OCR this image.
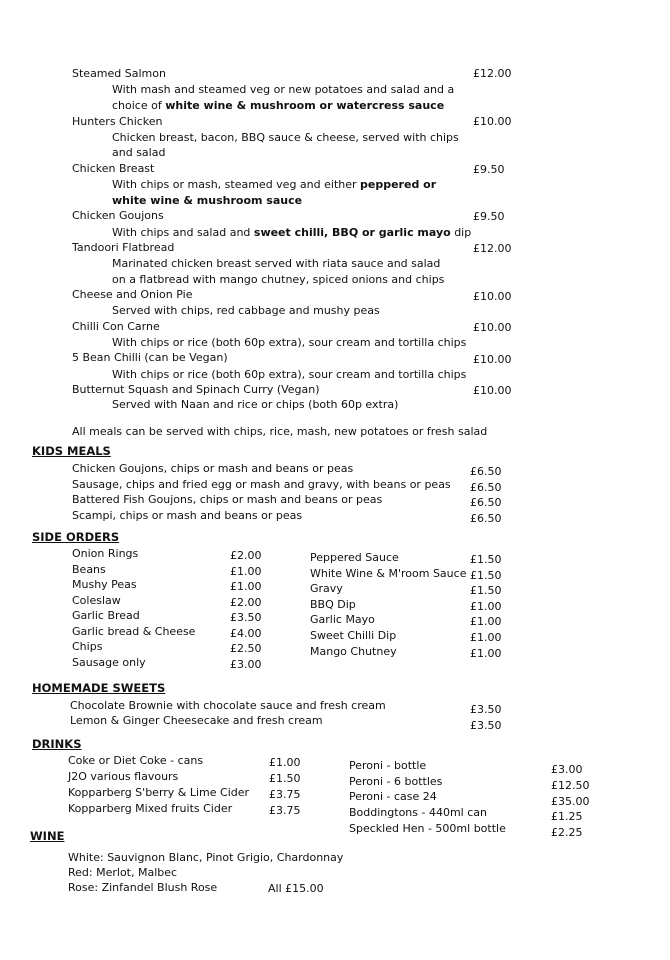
Steamed Salmon	£12.00
With mash and steamed veg or new potatoes and salad and a
choice of white wine & mushroom or watercress sauce
Hunters Chicken	£10.00
Chicken breast, bacon, BBQ sauce & cheese, served with chips
and salad
Chicken Breast	£9.50
With chips or mash, steamed veg and either peppered or
white wine & mushroom sauce
Chicken Goujons	£9.50
With chips and salad and sweet chilli, BBQ or garlic mayo dip
Tandoori Flatbread	£12.00
Marinated chicken breast served with riata sauce and salad
on a flatbread with mango chutney, spiced onions and chips
Cheese and Onion Pie	£10.00
Served with chips, red cabbage and mushy peas
Chilli Con Carne	£10.00
With chips or rice (both 60p extra), sour cream and tortilla chips
5 Bean Chilli (can be Vegan)	£10.00
With chips or rice (both 60p extra), sour cream and tortilla chips
Butternut Squash and Spinach Curry (Vegan)	£10.00
Served with Naan and rice or chips (both 60p extra)
All meals can be served with chips, rice, mash, new potatoes or fresh salad
KIDS MEALS
Chicken Goujons, chips or mash and beans or peas	£6.50
Sausage, chips and fried egg or mash and gravy, with beans or peas £6.50
Battered Fish Goujons, chips or mash and beans or peas	£6.50
Scampi, chips or mash and beans or peas	£6.50
SIDE ORDERS
Onion Rings	£2.00
Beans	£1.00
Mushy Peas	£1.00
Coleslaw	£2.00
Garlic Bread	£3.50
Garlic bread & Cheese	£4.00
Chips	£2.50
Sausage only	£3.00
Peppered Sauce	£1.50
White Wine & M'room Sauce £1.50
Gravy	£1.50
BBQ Dip	£1.00
Garlic Mayo	£1.00
Sweet Chilli Dip	£1.00
Mango Chutney	£1.00
HOMEMADE SWEETS
Chocolate Brownie with chocolate sauce and fresh cream	£3.50
Lemon & Ginger Cheesecake and fresh cream	£3.50
DRINKS
Coke or Diet Coke - cans	£1.00
J2O various flavours	£1.50
Kopparberg S'berry & Lime Cider £3.75
Kopparberg Mixed fruits Cider	£3.75
Peroni - bottle	£3.00
Peroni - 6 bottles	£12.50
Peroni - case 24	£35.00
Boddingtons - 440ml can	£1.25
Speckled Hen - 500ml bottle	£2.25
WINE
White: Sauvignon Blanc, Pinot Grigio, Chardonnay
Red: Merlot, Malbec
Rose: Zinfandel Blush Rose	All £15.00
